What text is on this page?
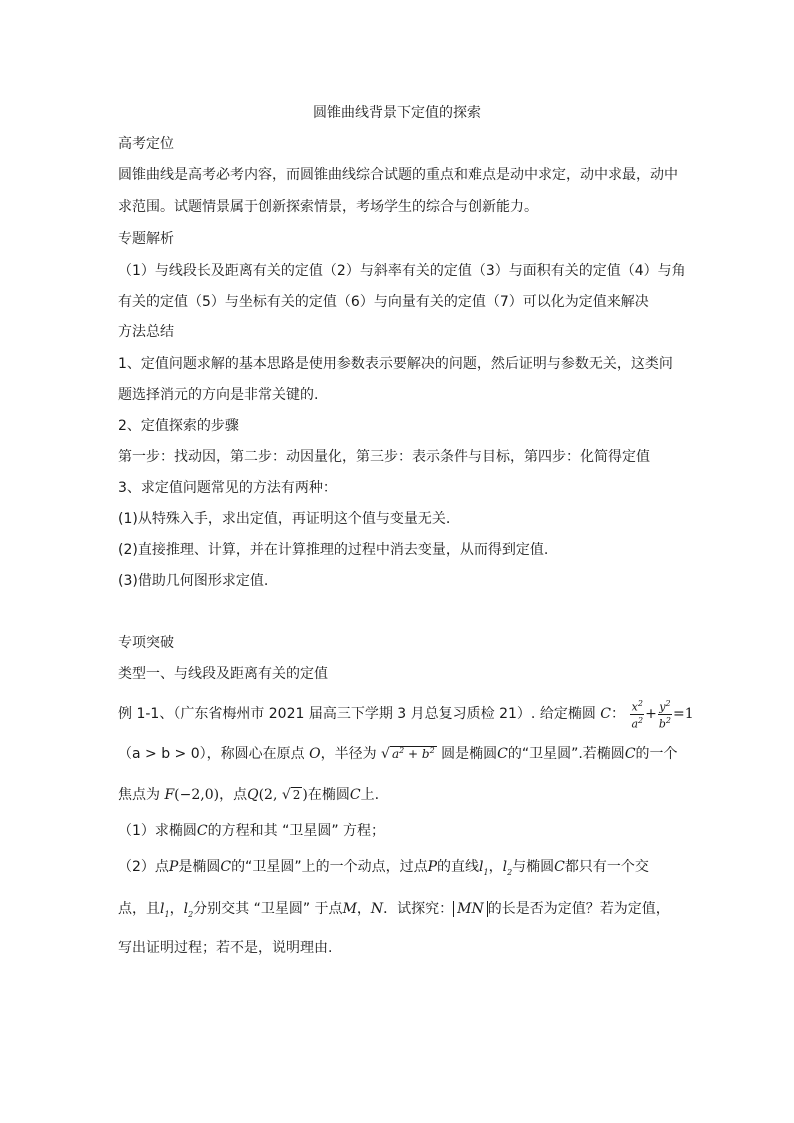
圆锥曲线背景下定值的探索
高考定位
圆锥曲线是高考必考内容，而圆锥曲线综合试题的重点和难点是动中求定，动中求最，动中
求范围。试题情景属于创新探索情景，考场学生的综合与创新能力。
专题解析
（1）与线段长及距离有关的定值（2）与斜率有关的定值（3）与面积有关的定值（4）与角
有关的定值（5）与坐标有关的定值（6）与向量有关的定值（7）可以化为定值来解决
方法总结
1、定值问题求解的基本思路是使用参数表示要解决的问题，然后证明与参数无关，这类问
题选择消元的方向是非常关键的.
2、定值探索的步骤
第一步：找动因，第二步：动因量化，第三步：表示条件与目标，第四步：化简得定值
3、求定值问题常见的方法有两种：
(1)从特殊入手，求出定值，再证明这个值与变量无关.
(2)直接推理、计算，并在计算推理的过程中消去变量，从而得到定值.
(3)借助几何图形求定值.
专项突破
类型一、与线段及距离有关的定值
例 1-1、（广东省梅州市 2021 届高三下学期 3 月总复习质检 21）. 给定椭圆 C： $\frac{x^2}{a^2} + \frac{y^2}{b^2} =1$
（a > b > 0），称圆心在原点 O，半径为 √ $a^2 + b^2$ 圆是椭圆C的“卫星圆”.若椭圆C的一个
焦点为 F(−2,0)，点Q(2, √ 2 )在椭圆C上.
（1）求椭圆C的方程和其 “卫星圆” 方程；
（2）点P是椭圆C的“卫星圆”上的一个动点，过点P的直线$l_1$，$l_2$与椭圆C都只有一个交
点，且$l_1$，$l_2$分别交其 “卫星圆” 于点M，N．试探究： MN 的长是否为定值？若为定值，
写出证明过程；若不是，说明理由.
